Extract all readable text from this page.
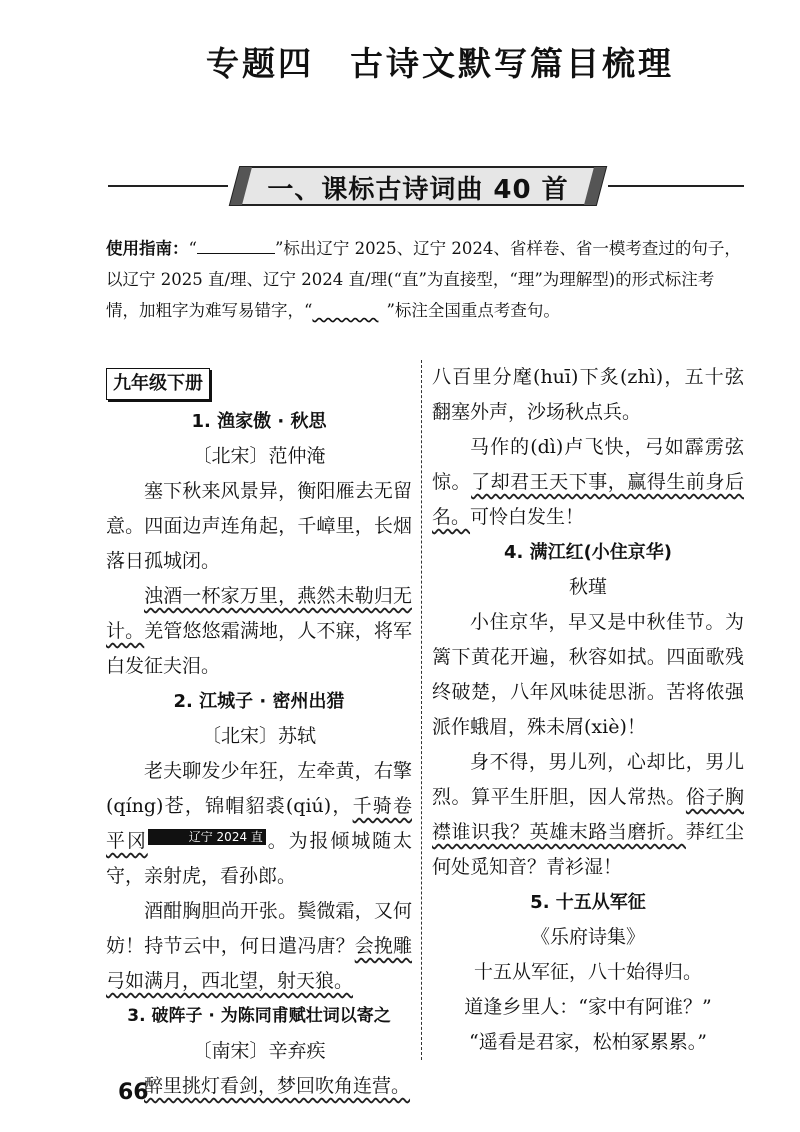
专题四　古诗文默写篇目梳理
一、课标古诗词曲 40 首
使用指南：“	”标出辽宁 2025、辽宁 2024、省样卷、省一模考查过的句子，以辽宁 2025 直/理、辽宁 2024 直/理(“直”为直接型，“理”为理解型)的形式标注考情，加粗字为难写易错字，“　　　　	”标注全国重点考查句。
九年级下册
1. 渔家傲 · 秋思
〔北宋〕范仲淹
塞下秋来风景异，衡阳雁去无留意。四面边声连角起，千嶂里，长烟落日孤城闭。
浊酒一杯家万里，燕然未勒归无计。羌管悠悠霜满地，人不寐，将军白发征夫泪。
2. 江城子 · 密州出猎
〔北宋〕苏轼
老夫聊发少年狂，左牵黄，右擎(qíng)苍，锦帽貂裘(qiú)，千骑卷平冈	辽宁 2024 直 。为报倾城随太守，亲射虎，看孙郎。
酒酣胸胆尚开张。鬓微霜，又何妨！持节云中，何日遣冯唐？会挽雕弓如满月，西北望，射天狼。
3. 破阵子 · 为陈同甫赋壮词以寄之
〔南宋〕辛弃疾
醉里挑灯看剑，梦回吹角连营。
八百里分麾(huī)下炙(zhì)，五十弦翻塞外声，沙场秋点兵。
马作的(dì)卢飞快，弓如霹雳弦惊。了却君王天下事，赢得生前身后名。可怜白发生！
4. 满江红(小住京华)
秋瑾
小住京华，早又是中秋佳节。为篱下黄花开遍，秋容如拭。四面歌残终破楚，八年风味徒思浙。苦将侬强派作蛾眉，殊未屑(xiè)！
身不得，男儿列，心却比，男儿烈。算平生肝胆，因人常热。俗子胸襟谁识我？英雄末路当磨折。莽红尘何处觅知音？青衫湿！
5. 十五从军征
《乐府诗集》
十五从军征，八十始得归。
道逢乡里人：“家中有阿谁？”
“遥看是君家，松柏冢累累。”
66
